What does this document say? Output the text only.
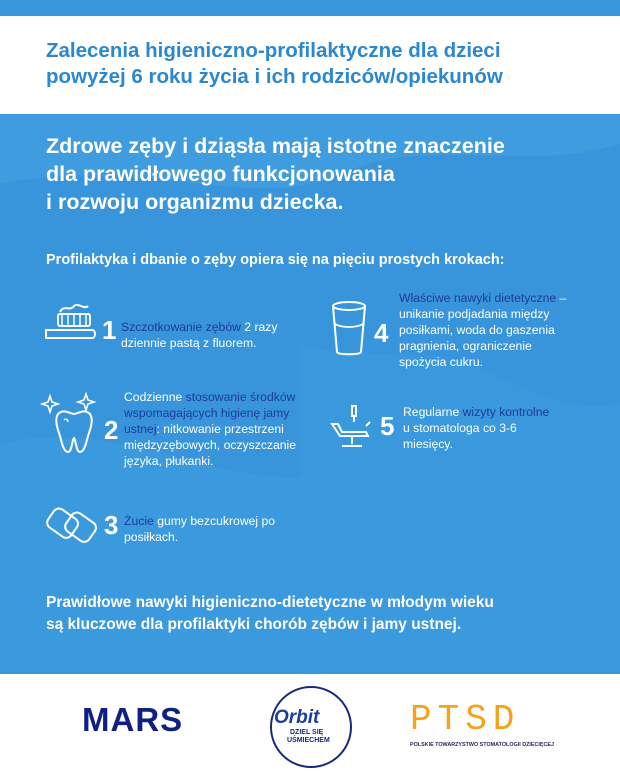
Zalecenia higieniczno-profilaktyczne dla dzieci
powyżej 6 roku życia i ich rodziców/opiekunów
Zdrowe zęby i dziąsła mają istotne znaczenie
dla prawidłowego funkcjonowania
i rozwoju organizmu dziecka.
Profilaktyka i dbanie o zęby opiera się na pięciu prostych krokach:
1 Szczotkowanie zębów 2 razy
dziennie pastą z fluorem.
2
Codzienne stosowanie środków
wspomagających higienę jamy
ustnej: nitkowanie przestrzeni
międzyzębowych, oczyszczanie
języka, płukanki.
3 Żucie gumy bezcukrowej po
posiłkach.
4
Właściwe nawyki dietetyczne –
unikanie podjadania między
posiłkami, woda do gaszenia
pragnienia, ograniczenie
spożycia cukru.
5 Regularne wizyty kontrolne
u stomatologa co 3-6
miesięcy.
Prawidłowe nawyki higieniczno-dietetyczne w młodym wieku
są kluczowe dla profilaktyki chorób zębów i jamy ustnej.
MARS	Orbit
DZIEL SIĘ
UŚMIECHEM
PTSD
POLSKIE TOWARZYSTWO STOMATOLOGII DZIECIĘCEJ
